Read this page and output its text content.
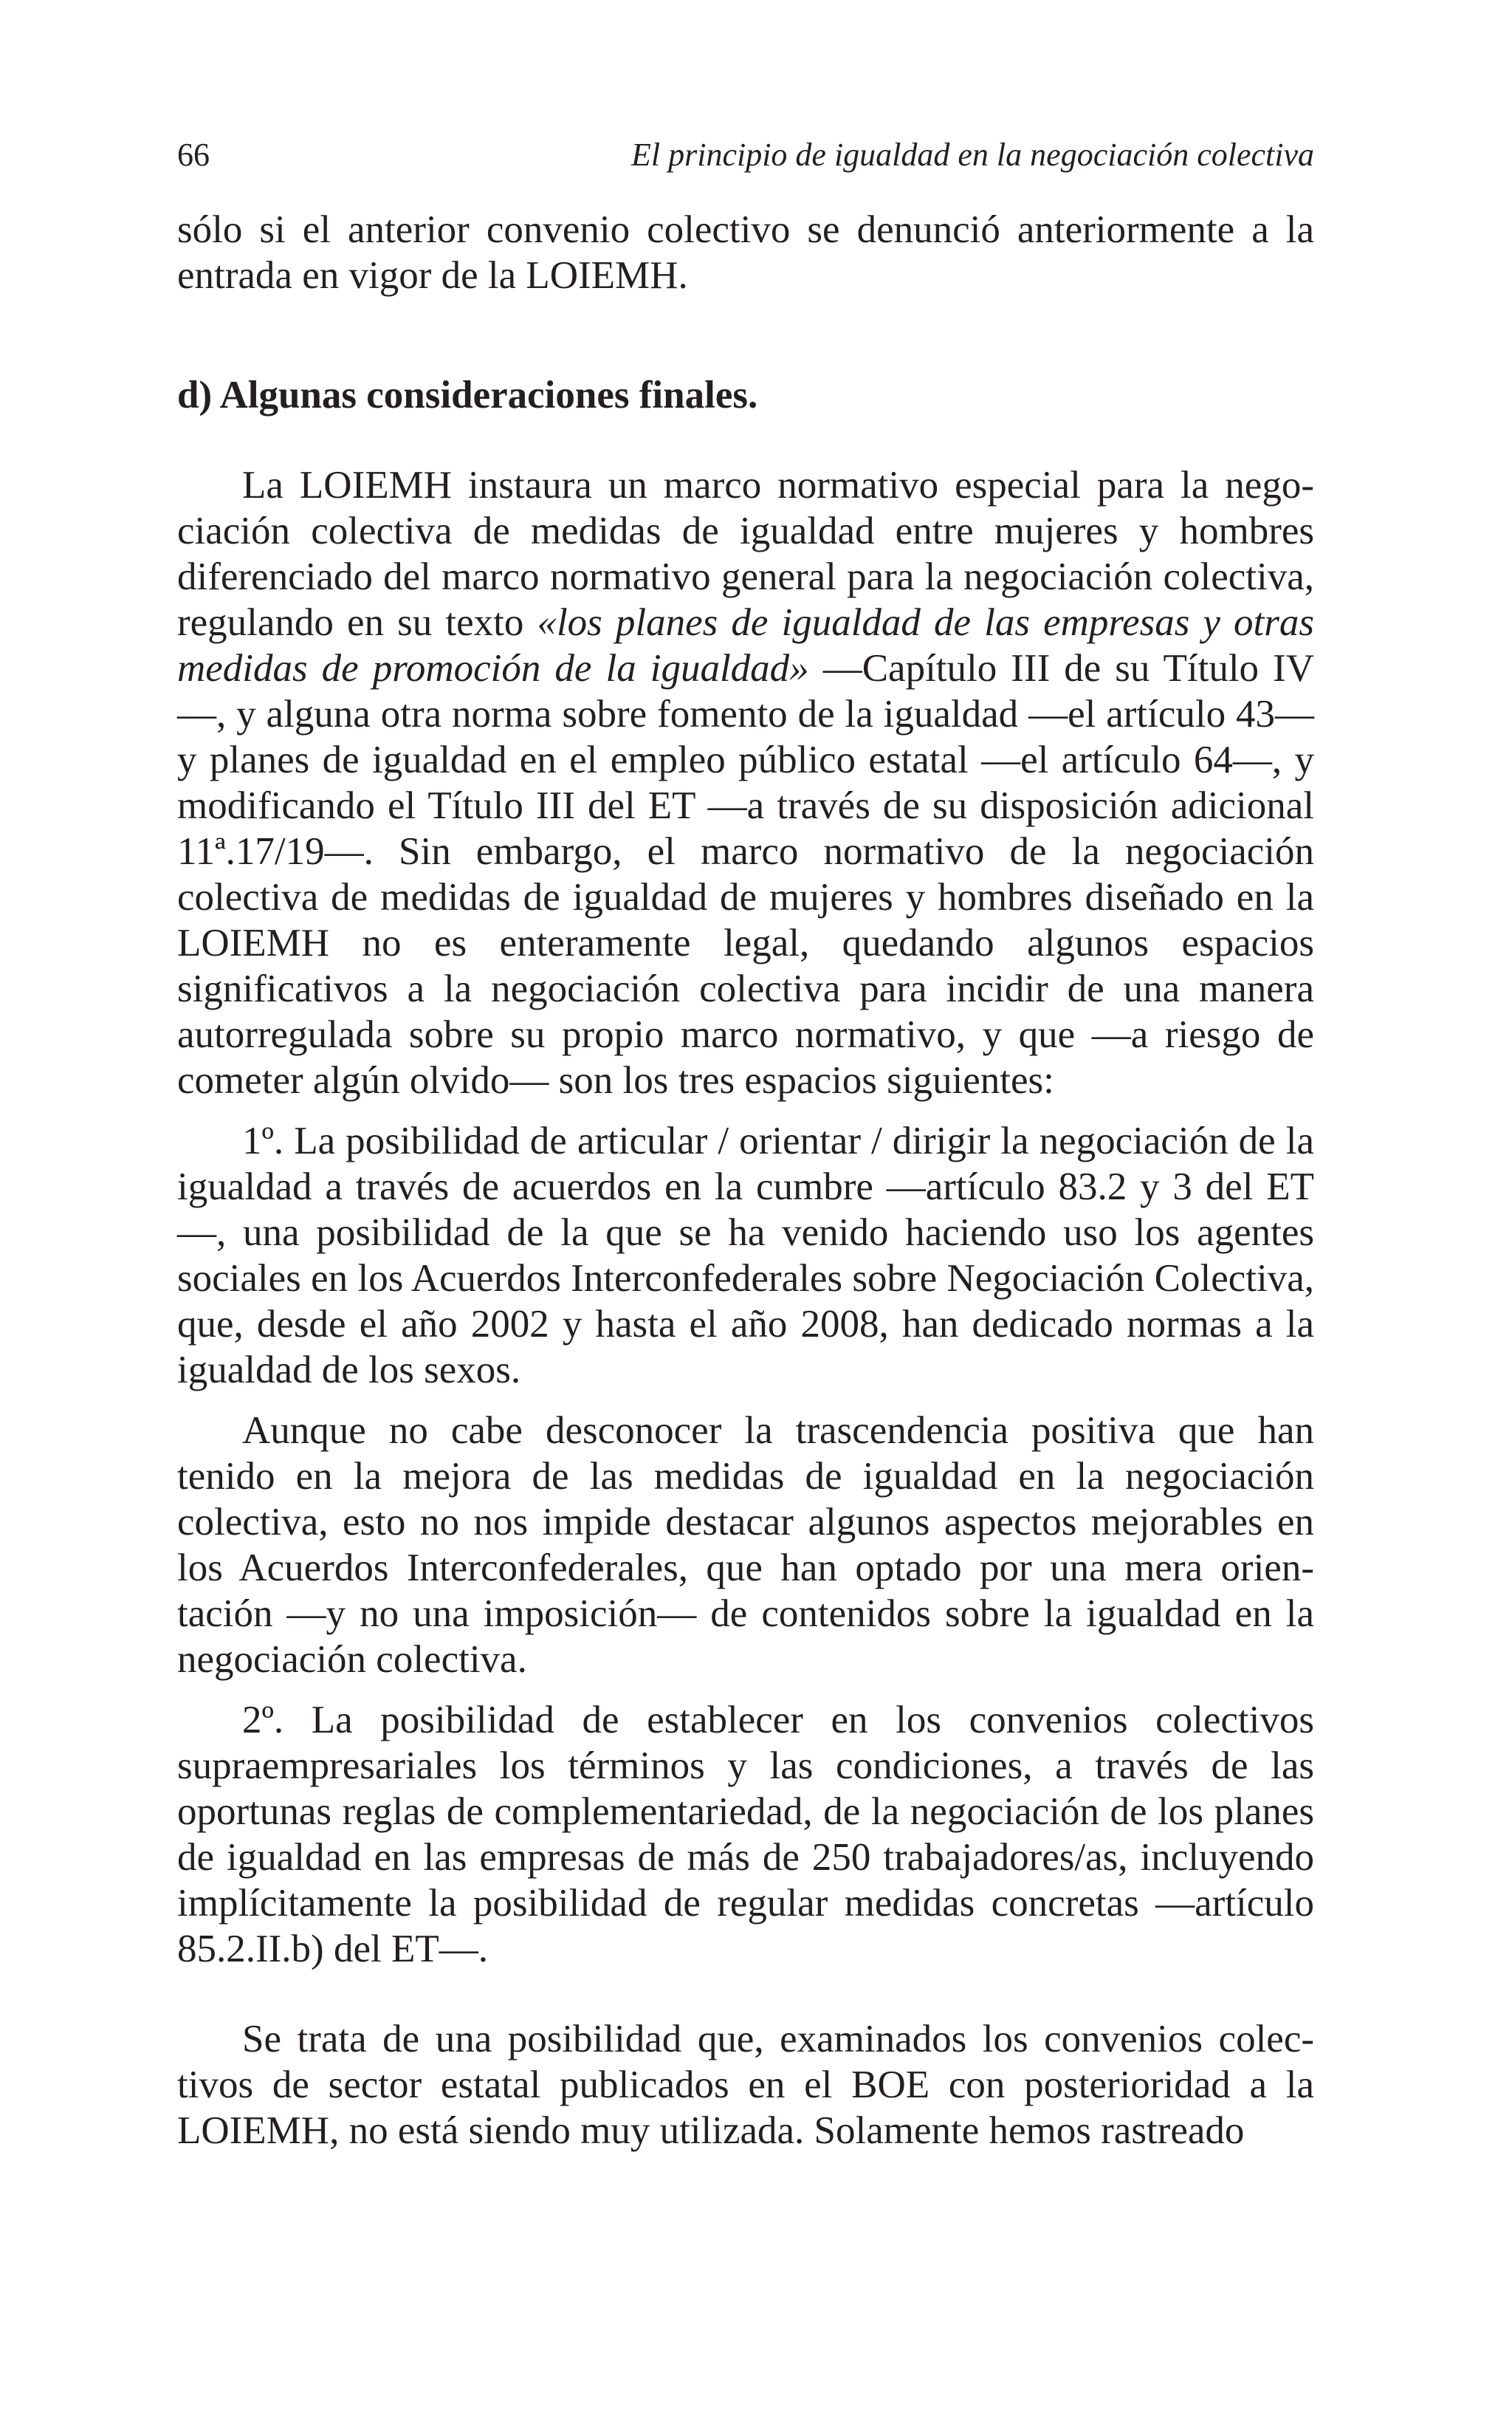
66	El principio de igualdad en la negociación colectiva

sólo si el anterior convenio colectivo se denunció anteriormente a la entrada en vigor de la LOIEMH.

d) Algunas consideraciones finales.

La LOIEMH instaura un marco normativo especial para la negociación colectiva de medidas de igualdad entre mujeres y hombres diferenciado del marco normativo general para la negociación colectiva, regulando en su texto «los planes de igualdad de las empresas y otras medidas de promoción de la igualdad» —Capítulo III de su Título IV—, y alguna otra norma sobre fomento de la igualdad —el artículo 43— y planes de igualdad en el empleo público estatal —el artículo 64—, y modificando el Título III del ET —a través de su disposición adicional 11ª.17/19—. Sin embargo, el marco normativo de la negociación colectiva de medidas de igualdad de mujeres y hombres diseñado en la LOIEMH no es enteramente legal, quedando algunos espacios significativos a la negociación colectiva para incidir de una manera autorregulada sobre su propio marco normativo, y que —a riesgo de cometer algún olvido— son los tres espacios siguientes:

1º. La posibilidad de articular / orientar / dirigir la negociación de la igualdad a través de acuerdos en la cumbre —artículo 83.2 y 3 del ET—, una posibilidad de la que se ha venido haciendo uso los agentes sociales en los Acuerdos Interconfederales sobre Negociación Colectiva, que, desde el año 2002 y hasta el año 2008, han dedicado normas a la igualdad de los sexos.

Aunque no cabe desconocer la trascendencia positiva que han tenido en la mejora de las medidas de igualdad en la negociación colectiva, esto no nos impide destacar algunos aspectos mejorables en los Acuerdos Interconfederales, que han optado por una mera orientación —y no una imposición— de contenidos sobre la igualdad en la negociación colectiva.

2º. La posibilidad de establecer en los convenios colectivos supraempresariales los términos y las condiciones, a través de las oportunas reglas de complementariedad, de la negociación de los planes de igualdad en las empresas de más de 250 trabajadores/as, incluyendo implícitamente la posibilidad de regular medidas concretas —artículo 85.2.II.b) del ET—.

Se trata de una posibilidad que, examinados los convenios colectivos de sector estatal publicados en el BOE con posterioridad a la LOIEMH, no está siendo muy utilizada. Solamente hemos rastreado
